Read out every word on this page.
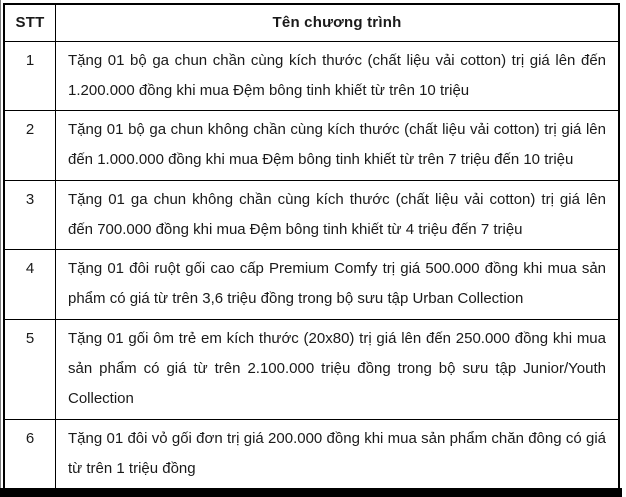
STT	Tên chương trình
1	Tặng 01 bộ ga chun chần cùng kích thước (chất liệu vải cotton) trị giá lên đến 1.200.000 đồng khi mua Đệm bông tinh khiết từ trên 10 triệu
2	Tặng 01 bộ ga chun không chần cùng kích thước (chất liệu vải cotton) trị giá lên đến 1.000.000 đồng khi mua Đệm bông tinh khiết từ trên 7 triệu đến 10 triệu
3	Tặng 01 ga chun không chần cùng kích thước (chất liệu vải cotton) trị giá lên đến 700.000 đồng khi mua Đệm bông tinh khiết từ 4 triệu đến 7 triệu
4	Tặng 01 đôi ruột gối cao cấp Premium Comfy trị giá 500.000 đồng khi mua sản phẩm có giá từ trên 3,6 triệu đồng trong bộ sưu tập Urban Collection
5	Tặng 01 gối ôm trẻ em kích thước (20x80) trị giá lên đến 250.000 đồng khi mua sản phẩm có giá từ trên 2.100.000 triệu đồng trong bộ sưu tập Junior/Youth Collection
6	Tặng 01 đôi vỏ gối đơn trị giá 200.000 đồng khi mua sản phẩm chăn đông có giá từ trên 1 triệu đồng
